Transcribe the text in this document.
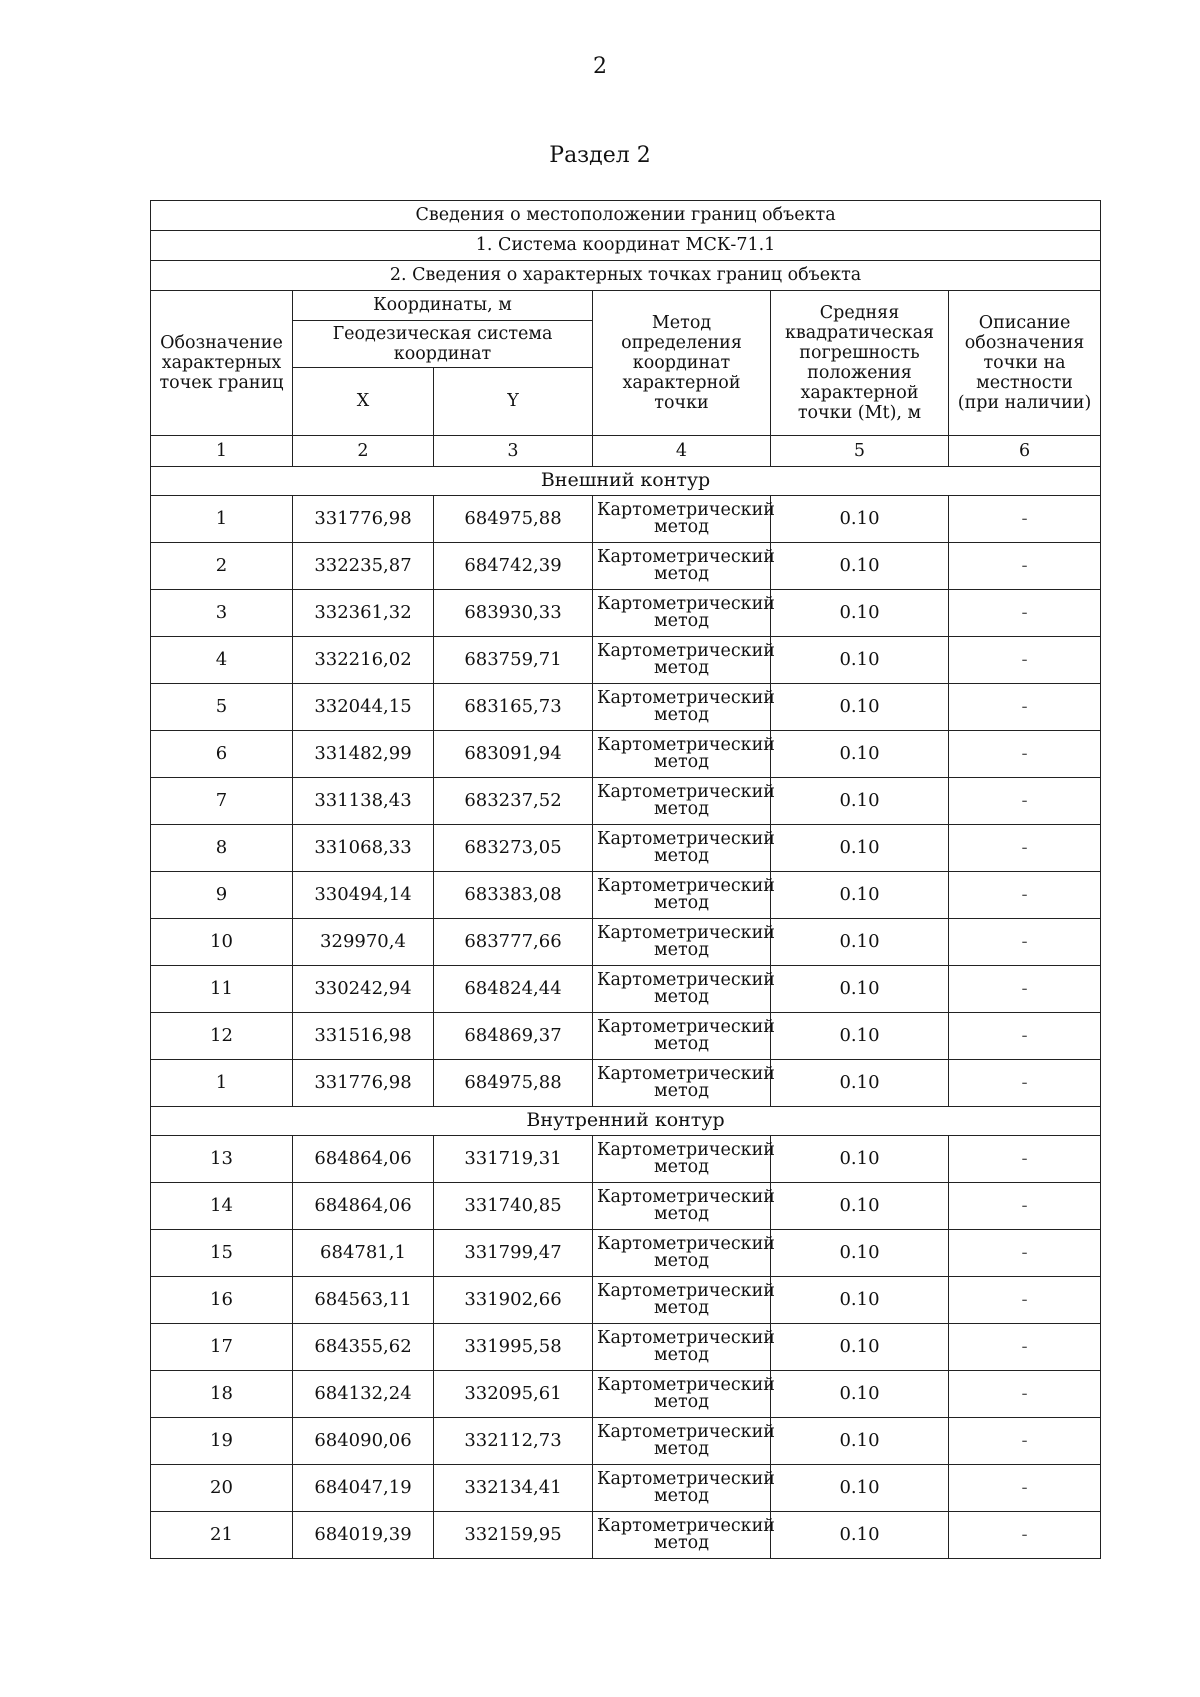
2
Раздел 2
Сведения о местоположении границ объекта					
1. Система координат МСК-71.1					
2. Сведения о характерных точках границ объекта					
Обозначение характерных точек границ	Координаты, м		Метод определения координат характерной точки	Средняя квадратическая погрешность положения характерной точки (Mt), м	Описание обозначения точки на местности (при наличии)
	Геодезическая система координат				
	X	Y			
1	2	3	4	5	6
Внешний контур					
1	331776,98	684975,88	Картометрический метод	0.10	-
2	332235,87	684742,39	Картометрический метод	0.10	-
3	332361,32	683930,33	Картометрический метод	0.10	-
4	332216,02	683759,71	Картометрический метод	0.10	-
5	332044,15	683165,73	Картометрический метод	0.10	-
6	331482,99	683091,94	Картометрический метод	0.10	-
7	331138,43	683237,52	Картометрический метод	0.10	-
8	331068,33	683273,05	Картометрический метод	0.10	-
9	330494,14	683383,08	Картометрический метод	0.10	-
10	329970,4	683777,66	Картометрический метод	0.10	-
11	330242,94	684824,44	Картометрический метод	0.10	-
12	331516,98	684869,37	Картометрический метод	0.10	-
1	331776,98	684975,88	Картометрический метод	0.10	-
Внутренний контур					
13	684864,06	331719,31	Картометрический метод	0.10	-
14	684864,06	331740,85	Картометрический метод	0.10	-
15	684781,1	331799,47	Картометрический метод	0.10	-
16	684563,11	331902,66	Картометрический метод	0.10	-
17	684355,62	331995,58	Картометрический метод	0.10	-
18	684132,24	332095,61	Картометрический метод	0.10	-
19	684090,06	332112,73	Картометрический метод	0.10	-
20	684047,19	332134,41	Картометрический метод	0.10	-
21	684019,39	332159,95	Картометрический метод	0.10	-
